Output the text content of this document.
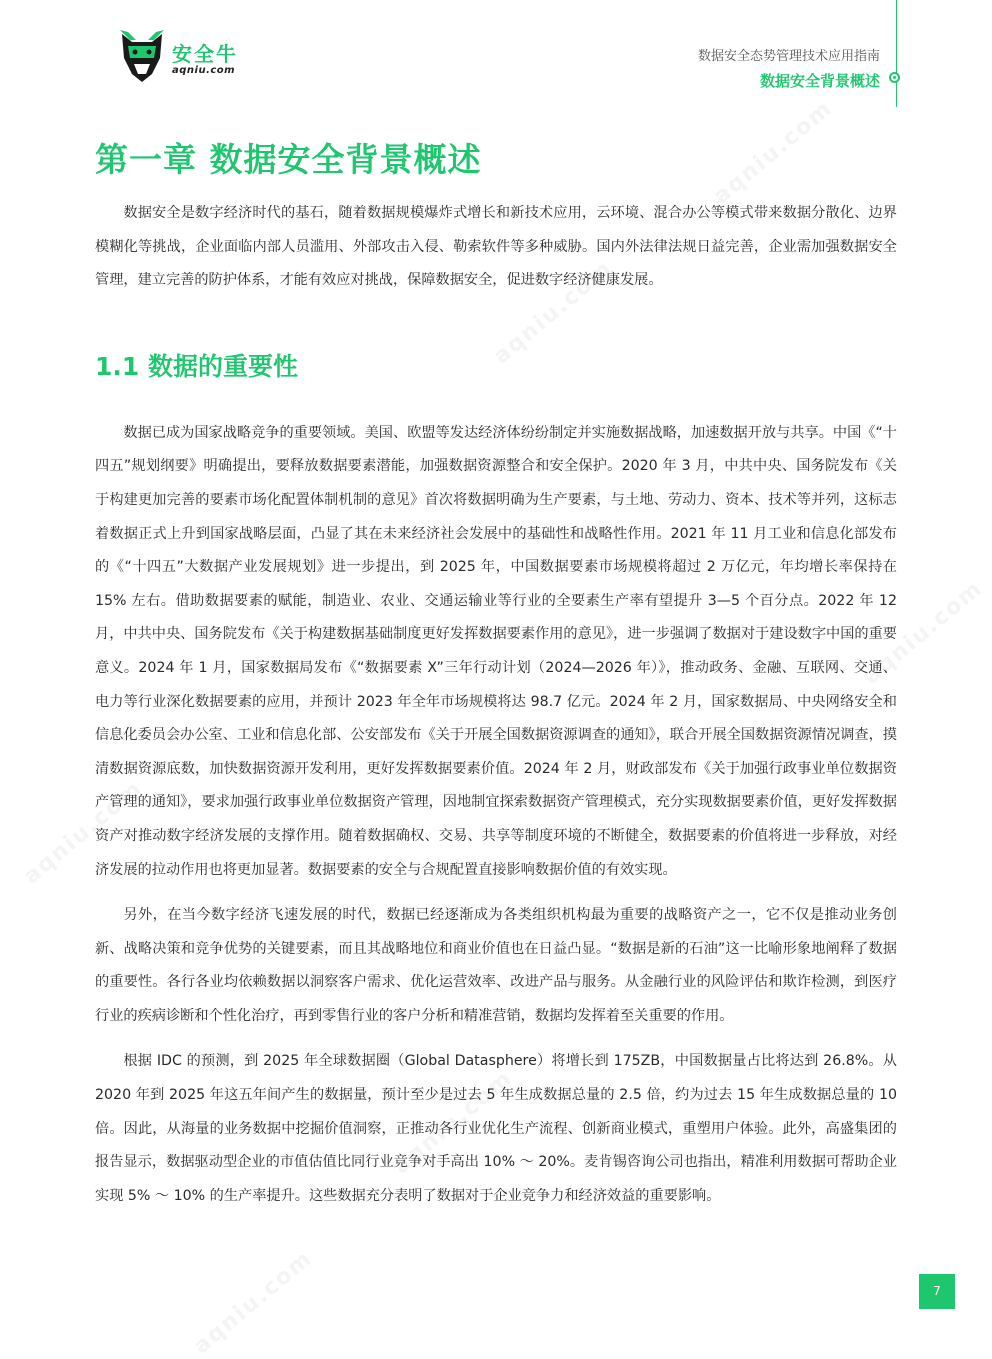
aqniu.com
aqniu.com
aqniu.com
aqniu.com
aqniu.com
aqniu.com
安全牛
aqniu.com
数据安全态势管理技术应用指南
数据安全背景概述
第一章 数据安全背景概述

数据安全是数字经济时代的基石，随着数据规模爆炸式增长和新技术应用，云环境、混合办公等模式带来数据分散化、边界模糊化等挑战，企业面临内部人员滥用、外部攻击入侵、勒索软件等多种威胁。国内外法律法规日益完善，企业需加强数据安全管理，建立完善的防护体系，才能有效应对挑战，保障数据安全，促进数字经济健康发展。

1.1 数据的重要性

数据已成为国家战略竞争的重要领域。美国、欧盟等发达经济体纷纷制定并实施数据战略，加速数据开放与共享。中国《“十四五”规划纲要》明确提出，要释放数据要素潜能，加强数据资源整合和安全保护。2020 年 3 月，中共中央、国务院发布《关于构建更加完善的要素市场化配置体制机制的意见》首次将数据明确为生产要素，与土地、劳动力、资本、技术等并列，这标志着数据正式上升到国家战略层面，凸显了其在未来经济社会发展中的基础性和战略性作用。2021 年 11 月工业和信息化部发布的《“十四五”大数据产业发展规划》进一步提出，到 2025 年，中国数据要素市场规模将超过 2 万亿元，年均增长率保持在 15% 左右。借助数据要素的赋能，制造业、农业、交通运输业等行业的全要素生产率有望提升 3—5 个百分点。2022 年 12 月，中共中央、国务院发布《关于构建数据基础制度更好发挥数据要素作用的意见》，进一步强调了数据对于建设数字中国的重要意义。2024 年 1 月，国家数据局发布《“数据要素 X”三年行动计划（2024—2026 年）》，推动政务、金融、互联网、交通、电力等行业深化数据要素的应用，并预计 2023 年全年市场规模将达 98.7 亿元。2024 年 2 月，国家数据局、中央网络安全和信息化委员会办公室、工业和信息化部、公安部发布《关于开展全国数据资源调查的通知》，联合开展全国数据资源情况调查，摸清数据资源底数，加快数据资源开发利用，更好发挥数据要素价值。2024 年 2 月，财政部发布《关于加强行政事业单位数据资产管理的通知》，要求加强行政事业单位数据资产管理，因地制宜探索数据资产管理模式，充分实现数据要素价值，更好发挥数据资产对推动数字经济发展的支撑作用。随着数据确权、交易、共享等制度环境的不断健全，数据要素的价值将进一步释放，对经济发展的拉动作用也将更加显著。数据要素的安全与合规配置直接影响数据价值的有效实现。

另外，在当今数字经济飞速发展的时代，数据已经逐渐成为各类组织机构最为重要的战略资产之一，它不仅是推动业务创新、战略决策和竞争优势的关键要素，而且其战略地位和商业价值也在日益凸显。“数据是新的石油”这一比喻形象地阐释了数据的重要性。各行各业均依赖数据以洞察客户需求、优化运营效率、改进产品与服务。从金融行业的风险评估和欺诈检测，到医疗行业的疾病诊断和个性化治疗，再到零售行业的客户分析和精准营销，数据均发挥着至关重要的作用。

根据 IDC 的预测，到 2025 年全球数据圈（Global Datasphere）将增长到 175ZB，中国数据量占比将达到 26.8%。从 2020 年到 2025 年这五年间产生的数据量，预计至少是过去 5 年生成数据总量的 2.5 倍，约为过去 15 年生成数据总量的 10 倍。因此，从海量的业务数据中挖掘价值洞察，正推动各行业优化生产流程、创新商业模式，重塑用户体验。此外，高盛集团的报告显示，数据驱动型企业的市值估值比同行业竞争对手高出 10% ～ 20%。麦肯锡咨询公司也指出，精准利用数据可帮助企业实现 5% ～ 10% 的生产率提升。这些数据充分表明了数据对于企业竞争力和经济效益的重要影响。

7
